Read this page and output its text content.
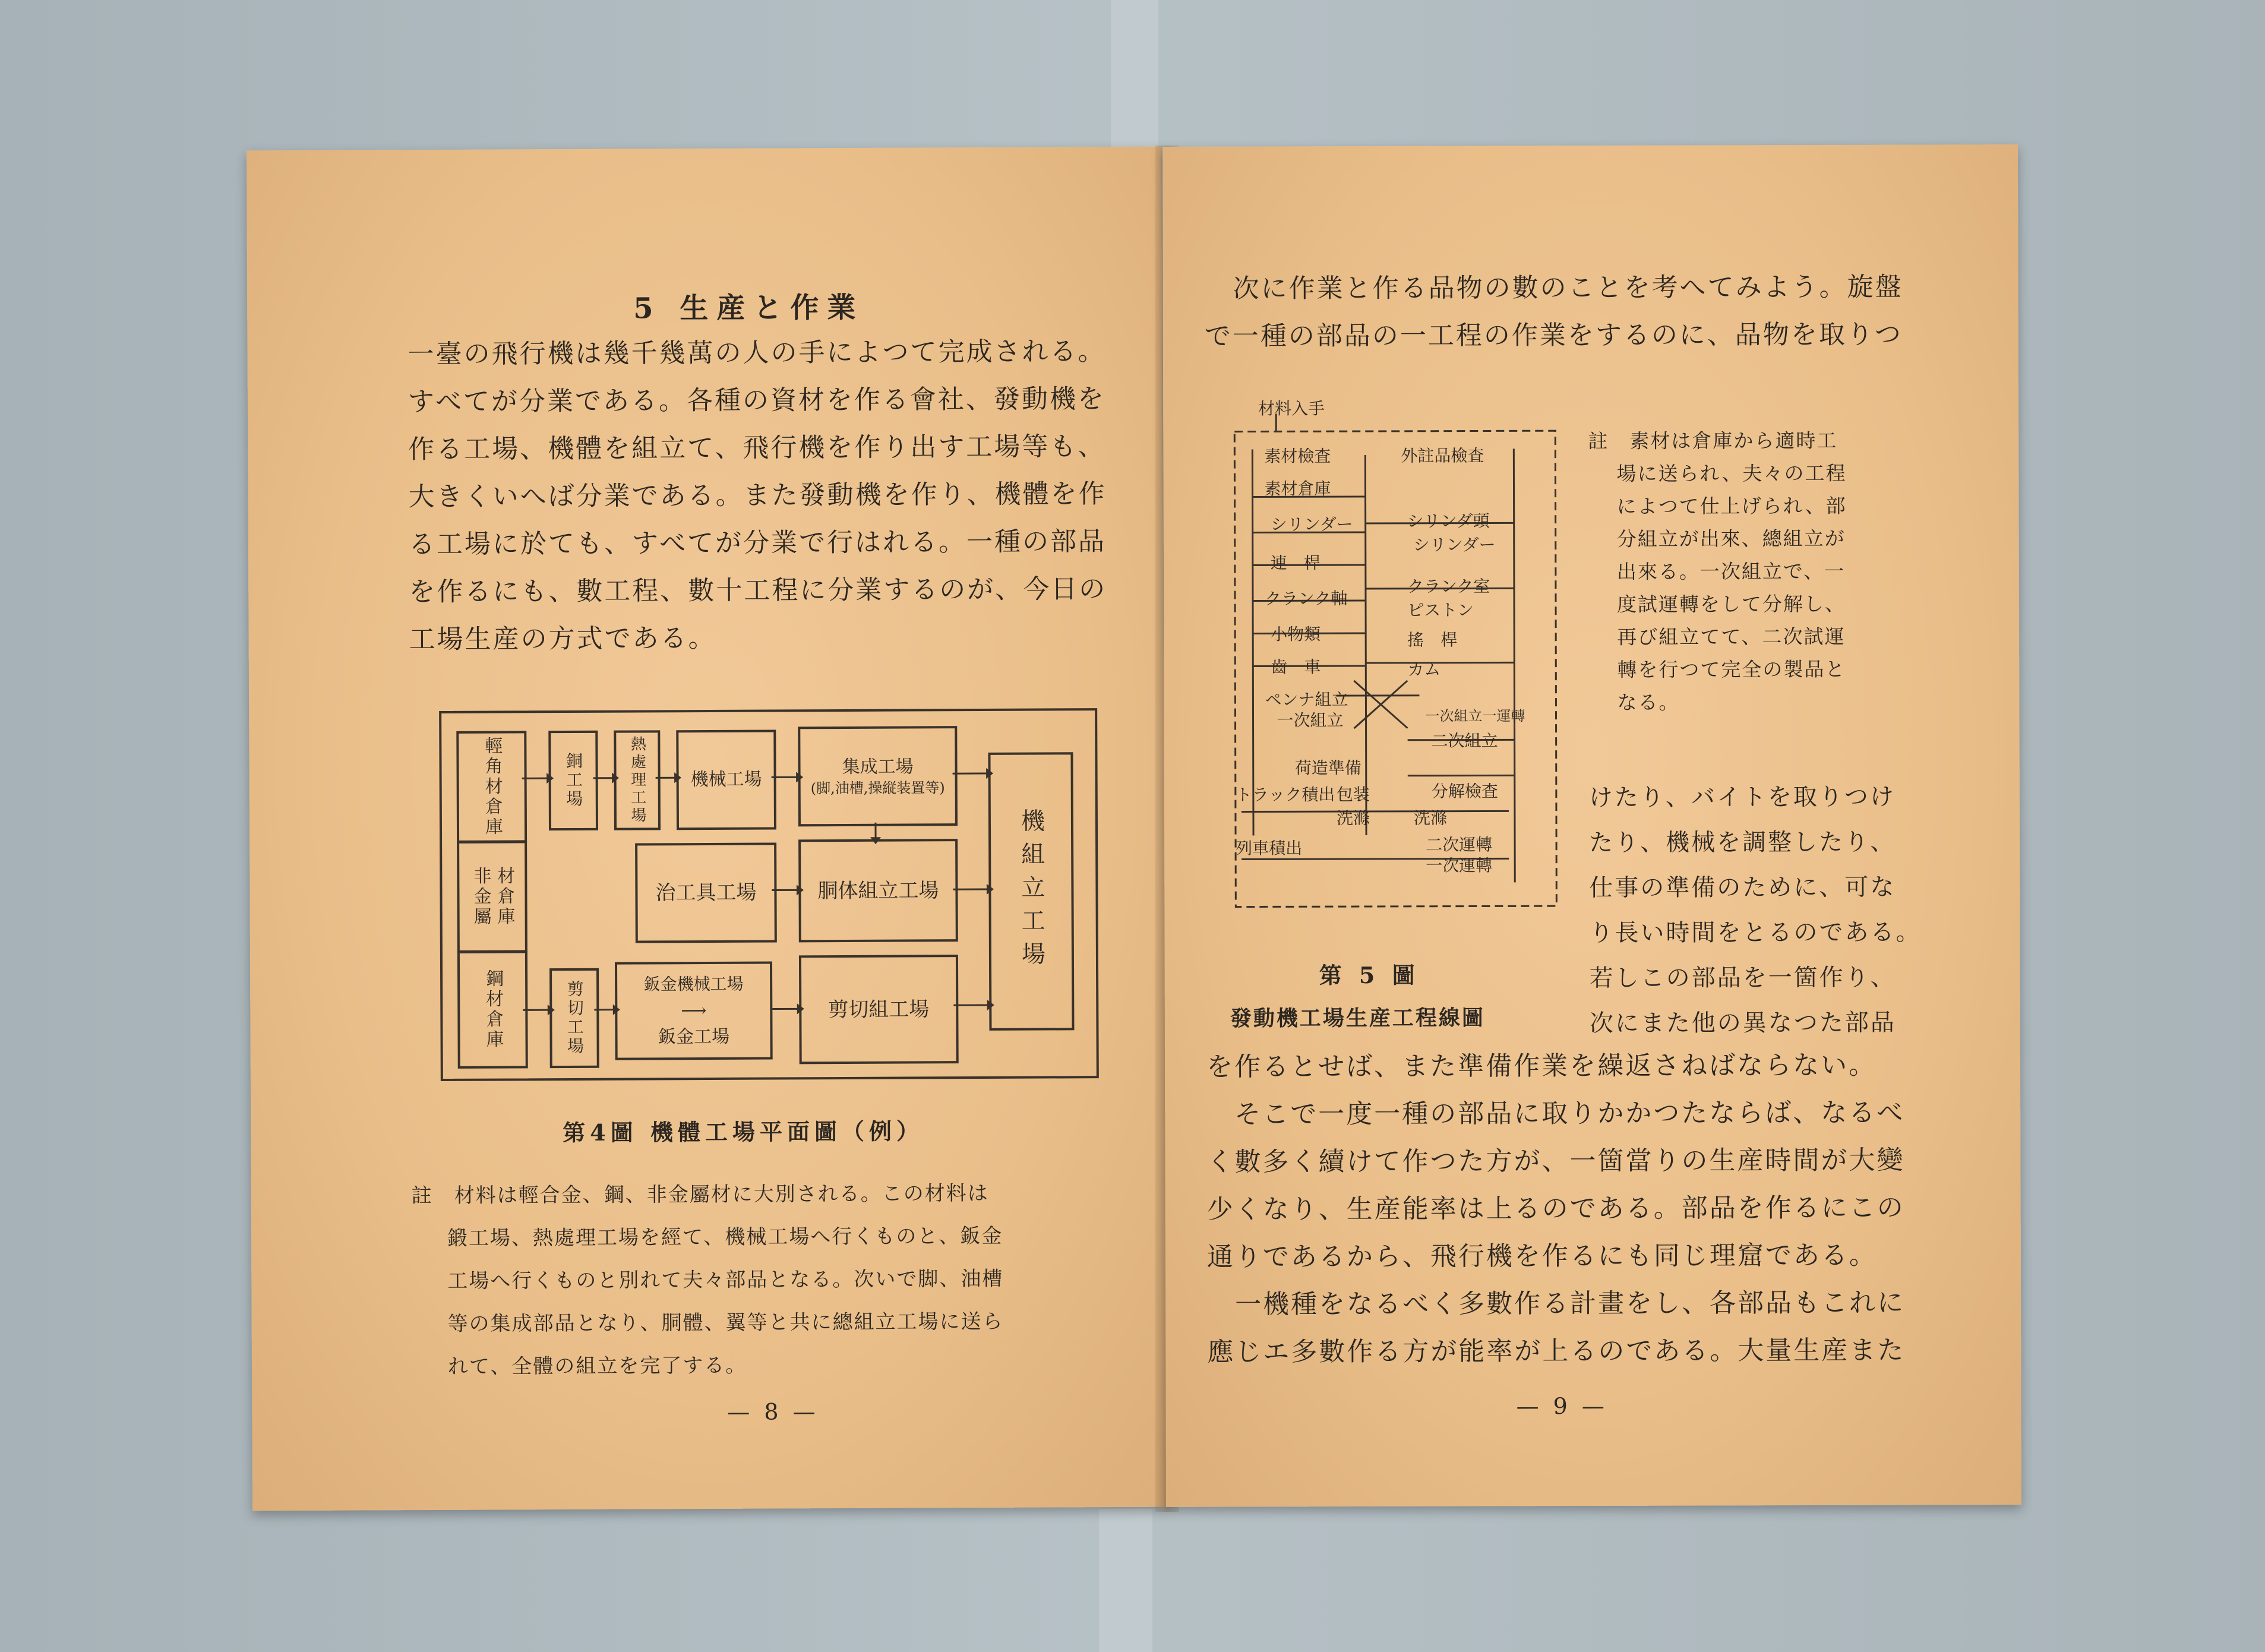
5 生産と作業
一臺の飛行機は幾千幾萬の人の手によつて完成される。
すべてが分業である。各種の資材を作る會社、發動機を
作る工場、機體を組立て、飛行機を作り出す工場等も、
大きくいへば分業である。また發動機を作り、機體を作
る工場に於ても、すべてが分業で行はれる。一種の部品
を作るにも、數工程、數十工程に分業するのが、今日の
工場生産の方式である。
輕角材倉庫
非金屬 材倉庫
鋼材倉庫
銅工場	熱處理工場	機械工場
集成工場
(脚,油槽,操縦装置等)
機組立工場
治工具工場	胴体組立工場
剪切工場	鈑金機械工場
⟶
鈑金工場
剪切組工場
第4圖 機體工場平面圖（例）
註　材料は輕合金、鋼、非金屬材に大別される。この材料は
鍛工場、熱處理工場を經て、機械工場へ行くものと、鈑金
工場へ行くものと別れて夫々部品となる。次いで脚、油槽
等の集成部品となり、胴體、翼等と共に總組立工場に送ら
れて、全體の組立を完了する。
— 8 —
次に作業と作る品物の數のことを考へてみよう。旋盤
で一種の部品の一工程の作業をするのに、品物を取りつ
材料入手
素材檢査	外註品檢査
素材倉庫
シリンダー	シリンダ頭
シリンダー
連　桿
クランク室
クランク軸
ピストン
小物類	搖　桿
齒　車	カム
ペンナ組立
一次組立	一次組立一運轉
二次組立
荷造準備
トラック積出 包装	分解檢査
洗滌	洗滌
二次運轉
一次運轉
列車積出
第 5 圖
發動機工場生産工程線圖
註　素材は倉庫から適時工
場に送られ、夫々の工程
によつて仕上げられ、部
分組立が出來、總組立が
出來る。一次組立で、一
度試運轉をして分解し、
再び組立てて、二次試運
轉を行つて完全の製品と
なる。
けたり、バイトを取りつけ
たり、機械を調整したり、
仕事の準備のために、可な
り長い時間をとるのである。
若しこの部品を一箇作り、
次にまた他の異なつた部品
を作るとせば、また準備作業を繰返さねばならない。
　そこで一度一種の部品に取りかかつたならば、なるべ
く數多く續けて作つた方が、一箇當りの生産時間が大變
少くなり、生産能率は上るのである。部品を作るにこの
通りであるから、飛行機を作るにも同じ理窟である。
　一機種をなるべく多數作る計畫をし、各部品もこれに
應じエ多數作る方が能率が上るのである。大量生産また
— 9 —
